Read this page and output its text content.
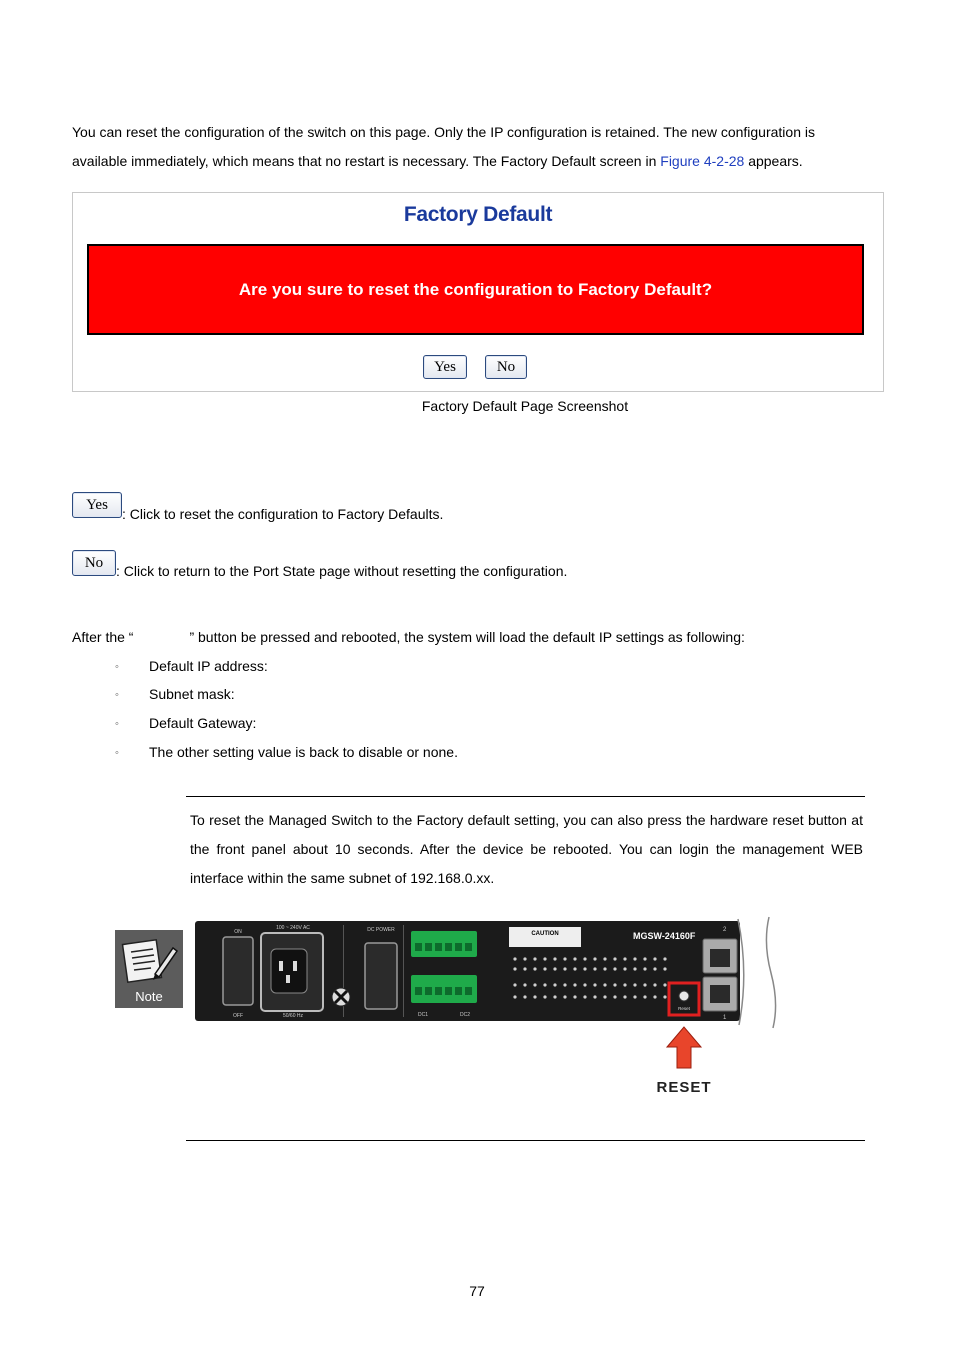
You can reset the configuration of the switch on this page. Only the IP configuration is retained. The new configuration is available immediately, which means that no restart is necessary. The Factory Default screen in Figure 4-2-28 appears.
Factory Default
Are you sure to reset the configuration to Factory Default?
Yes	No
Factory Default Page Screenshot
Yes
: Click to reset the configuration to Factory Defaults.
No
: Click to return to the Port State page without resetting the configuration.
After the “	” button be pressed and rebooted, the system will load the default IP settings as following:
◦	Default IP address:
◦	Subnet mask:
◦	Default Gateway:
◦	The other setting value is back to disable or none.
To reset the Managed Switch to the Factory default setting, you can also press the hardware reset button at the front panel about 10 seconds. After the device be rebooted. You can login the management WEB interface within the same subnet of 192.168.0.xx.
Note
ON
OFF
100 ~ 240V AC
50/60 Hz
DC POWER
DC1	DC2
CAUTION	MGSW-24160F
Reset
2
1
RESET
77
